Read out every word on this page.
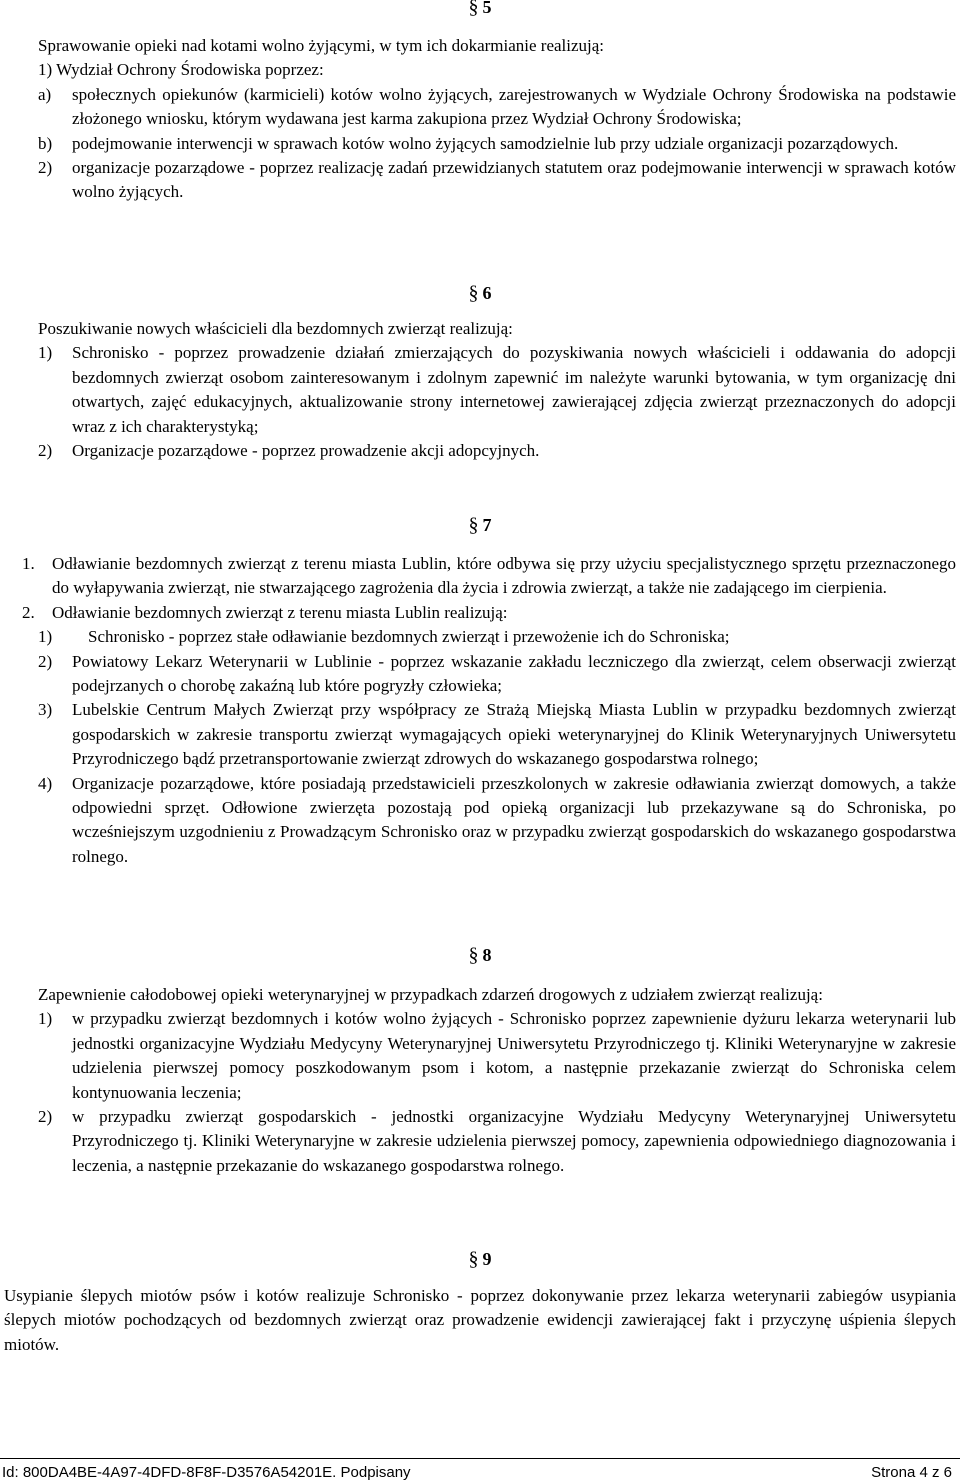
§ 5

Sprawowanie opieki nad kotami wolno żyjącymi, w tym ich dokarmianie realizują:

1) Wydział Ochrony Środowiska poprzez:

a) społecznych opiekunów (karmicieli) kotów wolno żyjących, zarejestrowanych w Wydziale Ochrony Środowiska na podstawie złożonego wniosku, którym wydawana jest karma zakupiona przez Wydział Ochrony Środowiska;
b) podejmowanie interwencji w sprawach kotów wolno żyjących samodzielnie lub przy udziale organizacji pozarządowych.
2) organizacje pozarządowe - poprzez realizację zadań przewidzianych statutem oraz podejmowanie interwencji w sprawach kotów wolno żyjących.
§ 6

Poszukiwanie nowych właścicieli dla bezdomnych zwierząt realizują:

1) Schronisko - poprzez prowadzenie działań zmierzających do pozyskiwania nowych właścicieli i oddawania do adopcji bezdomnych zwierząt osobom zainteresowanym i zdolnym zapewnić im należyte warunki bytowania, w tym organizację dni otwartych, zajęć edukacyjnych, aktualizowanie strony internetowej zawierającej zdjęcia zwierząt przeznaczonych do adopcji wraz z ich charakterystyką;
2) Organizacje pozarządowe - poprzez prowadzenie akcji adopcyjnych.
§ 7
1. Odławianie bezdomnych zwierząt z terenu miasta Lublin, które odbywa się przy użyciu specjalistycznego sprzętu przeznaczonego do wyłapywania zwierząt, nie stwarzającego zagrożenia dla życia i zdrowia zwierząt, a także nie zadającego im cierpienia.
2. Odławianie bezdomnych zwierząt z terenu miasta Lublin realizują:
1) Schronisko - poprzez stałe odławianie bezdomnych zwierząt i przewożenie ich do Schroniska;
2) Powiatowy Lekarz Weterynarii w Lublinie - poprzez wskazanie zakładu leczniczego dla zwierząt, celem obserwacji zwierząt podejrzanych o chorobę zakaźną lub które pogryzły człowieka;
3) Lubelskie Centrum Małych Zwierząt przy współpracy ze Strażą Miejską Miasta Lublin w przypadku bezdomnych zwierząt gospodarskich w zakresie transportu zwierząt wymagających opieki weterynaryjnej do Klinik Weterynaryjnych Uniwersytetu Przyrodniczego bądź przetransportowanie zwierząt zdrowych do wskazanego gospodarstwa rolnego;
4) Organizacje pozarządowe, które posiadają przedstawicieli przeszkolonych w zakresie odławiania zwierząt domowych, a także odpowiedni sprzęt. Odłowione zwierzęta pozostają pod opieką organizacji lub przekazywane są do Schroniska, po wcześniejszym uzgodnieniu z Prowadzącym Schronisko oraz w przypadku zwierząt gospodarskich do wskazanego gospodarstwa rolnego.
§ 8

Zapewnienie całodobowej opieki weterynaryjnej w przypadkach zdarzeń drogowych z udziałem zwierząt realizują:

1) w przypadku zwierząt bezdomnych i kotów wolno żyjących - Schronisko poprzez zapewnienie dyżuru lekarza weterynarii lub jednostki organizacyjne Wydziału Medycyny Weterynaryjnej Uniwersytetu Przyrodniczego tj. Kliniki Weterynaryjne w zakresie udzielenia pierwszej pomocy poszkodowanym psom i kotom, a następnie przekazanie zwierząt do Schroniska celem kontynuowania leczenia;
2) w przypadku zwierząt gospodarskich - jednostki organizacyjne Wydziału Medycyny Weterynaryjnej Uniwersytetu Przyrodniczego tj. Kliniki Weterynaryjne w zakresie udzielenia pierwszej pomocy, zapewnienia odpowiedniego diagnozowania i leczenia, a następnie przekazanie do wskazanego gospodarstwa rolnego.
§ 9

Usypianie ślepych miotów psów i kotów realizuje Schronisko - poprzez dokonywanie przez lekarza weterynarii zabiegów usypiania ślepych miotów pochodzących od bezdomnych zwierząt oraz prowadzenie ewidencji zawierającej fakt i przyczynę uśpienia ślepych miotów.

Id: 800DA4BE-4A97-4DFD-8F8F-D3576A54201E. Podpisany	Strona 4 z 6
